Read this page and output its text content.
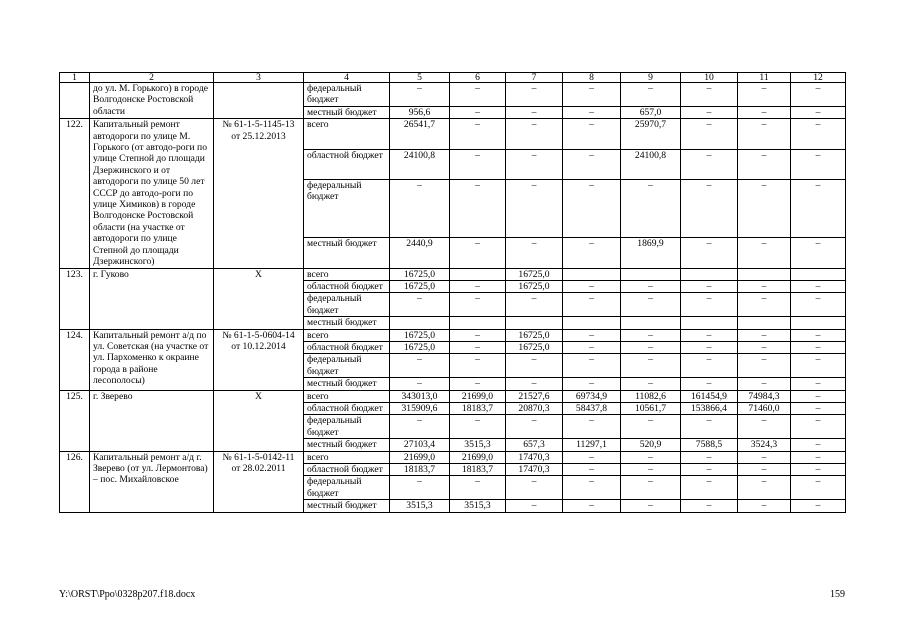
1	2	3	4	5	6	7	8	9	10	11	12
	до ул. М. Горького) в городе Волгодонске Ростовской области		федеральный бюджет	–	–	–	–	–	–	–	–
			местный бюджет	956,6	–	–	–	657,0	–	–	–
122.	Капитальный ремонт автодороги по улице М. Горького (от автодо-роги по улице Степной до площади Дзержинского и от автодороги по улице 50 лет СССР до автодо-роги по улице Химиков) в городе Волгодонске Ростовской области (на участке от автодороги по улице Степной до площади Дзержинского)	№ 61-1-5-1145-13 от 25.12.2013	всего	26541,7	–	–	–	25970,7	–	–	–
			областной бюджет	24100,8	–	–	–	24100,8	–	–	–
			федеральный бюджет	–	–	–	–	–	–	–	–
			местный бюджет	2440,9	–	–	–	1869,9	–	–	–
123.	г. Гуково	Х	всего	16725,0		16725,0					
			областной бюджет	16725,0	–	16725,0	–	–	–	–	–
			федеральный бюджет	–	–	–	–	–	–	–	–
			местный бюджет								
124.	Капитальный ремонт а/д по ул. Советская (на участке от ул. Пархоменко к окраине города в районе лесополосы)	№ 61-1-5-0604-14 от 10.12.2014	всего	16725,0	–	16725,0	–	–	–	–	–
			областной бюджет	16725,0	–	16725,0	–	–	–	–	–
			федеральный бюджет	–	–	–	–	–	–	–	–
			местный бюджет	–	–	–	–	–	–	–	–
125.	г. Зверево	Х	всего	343013,0	21699,0	21527,6	69734,9	11082,6	161454,9	74984,3	–
			областной бюджет	315909,6	18183,7	20870,3	58437,8	10561,7	153866,4	71460,0	–
			федеральный бюджет	–	–	–	–	–	–	–	–
			местный бюджет	27103,4	3515,3	657,3	11297,1	520,9	7588,5	3524,3	–
126.	Капитальный ремонт а/д г. Зверево (от ул. Лермонтова) – пос. Михайловское	№ 61-1-5-0142-11 от 28.02.2011	всего	21699,0	21699,0	17470,3	–	–	–	–	–
			областной бюджет	18183,7	18183,7	17470,3	–	–	–	–	–
			федеральный бюджет	–	–	–	–	–	–	–	–
			местный бюджет	3515,3	3515,3	–	–	–	–	–	–
Y:\ORST\Ppo\0328p207.f18.docx	159
